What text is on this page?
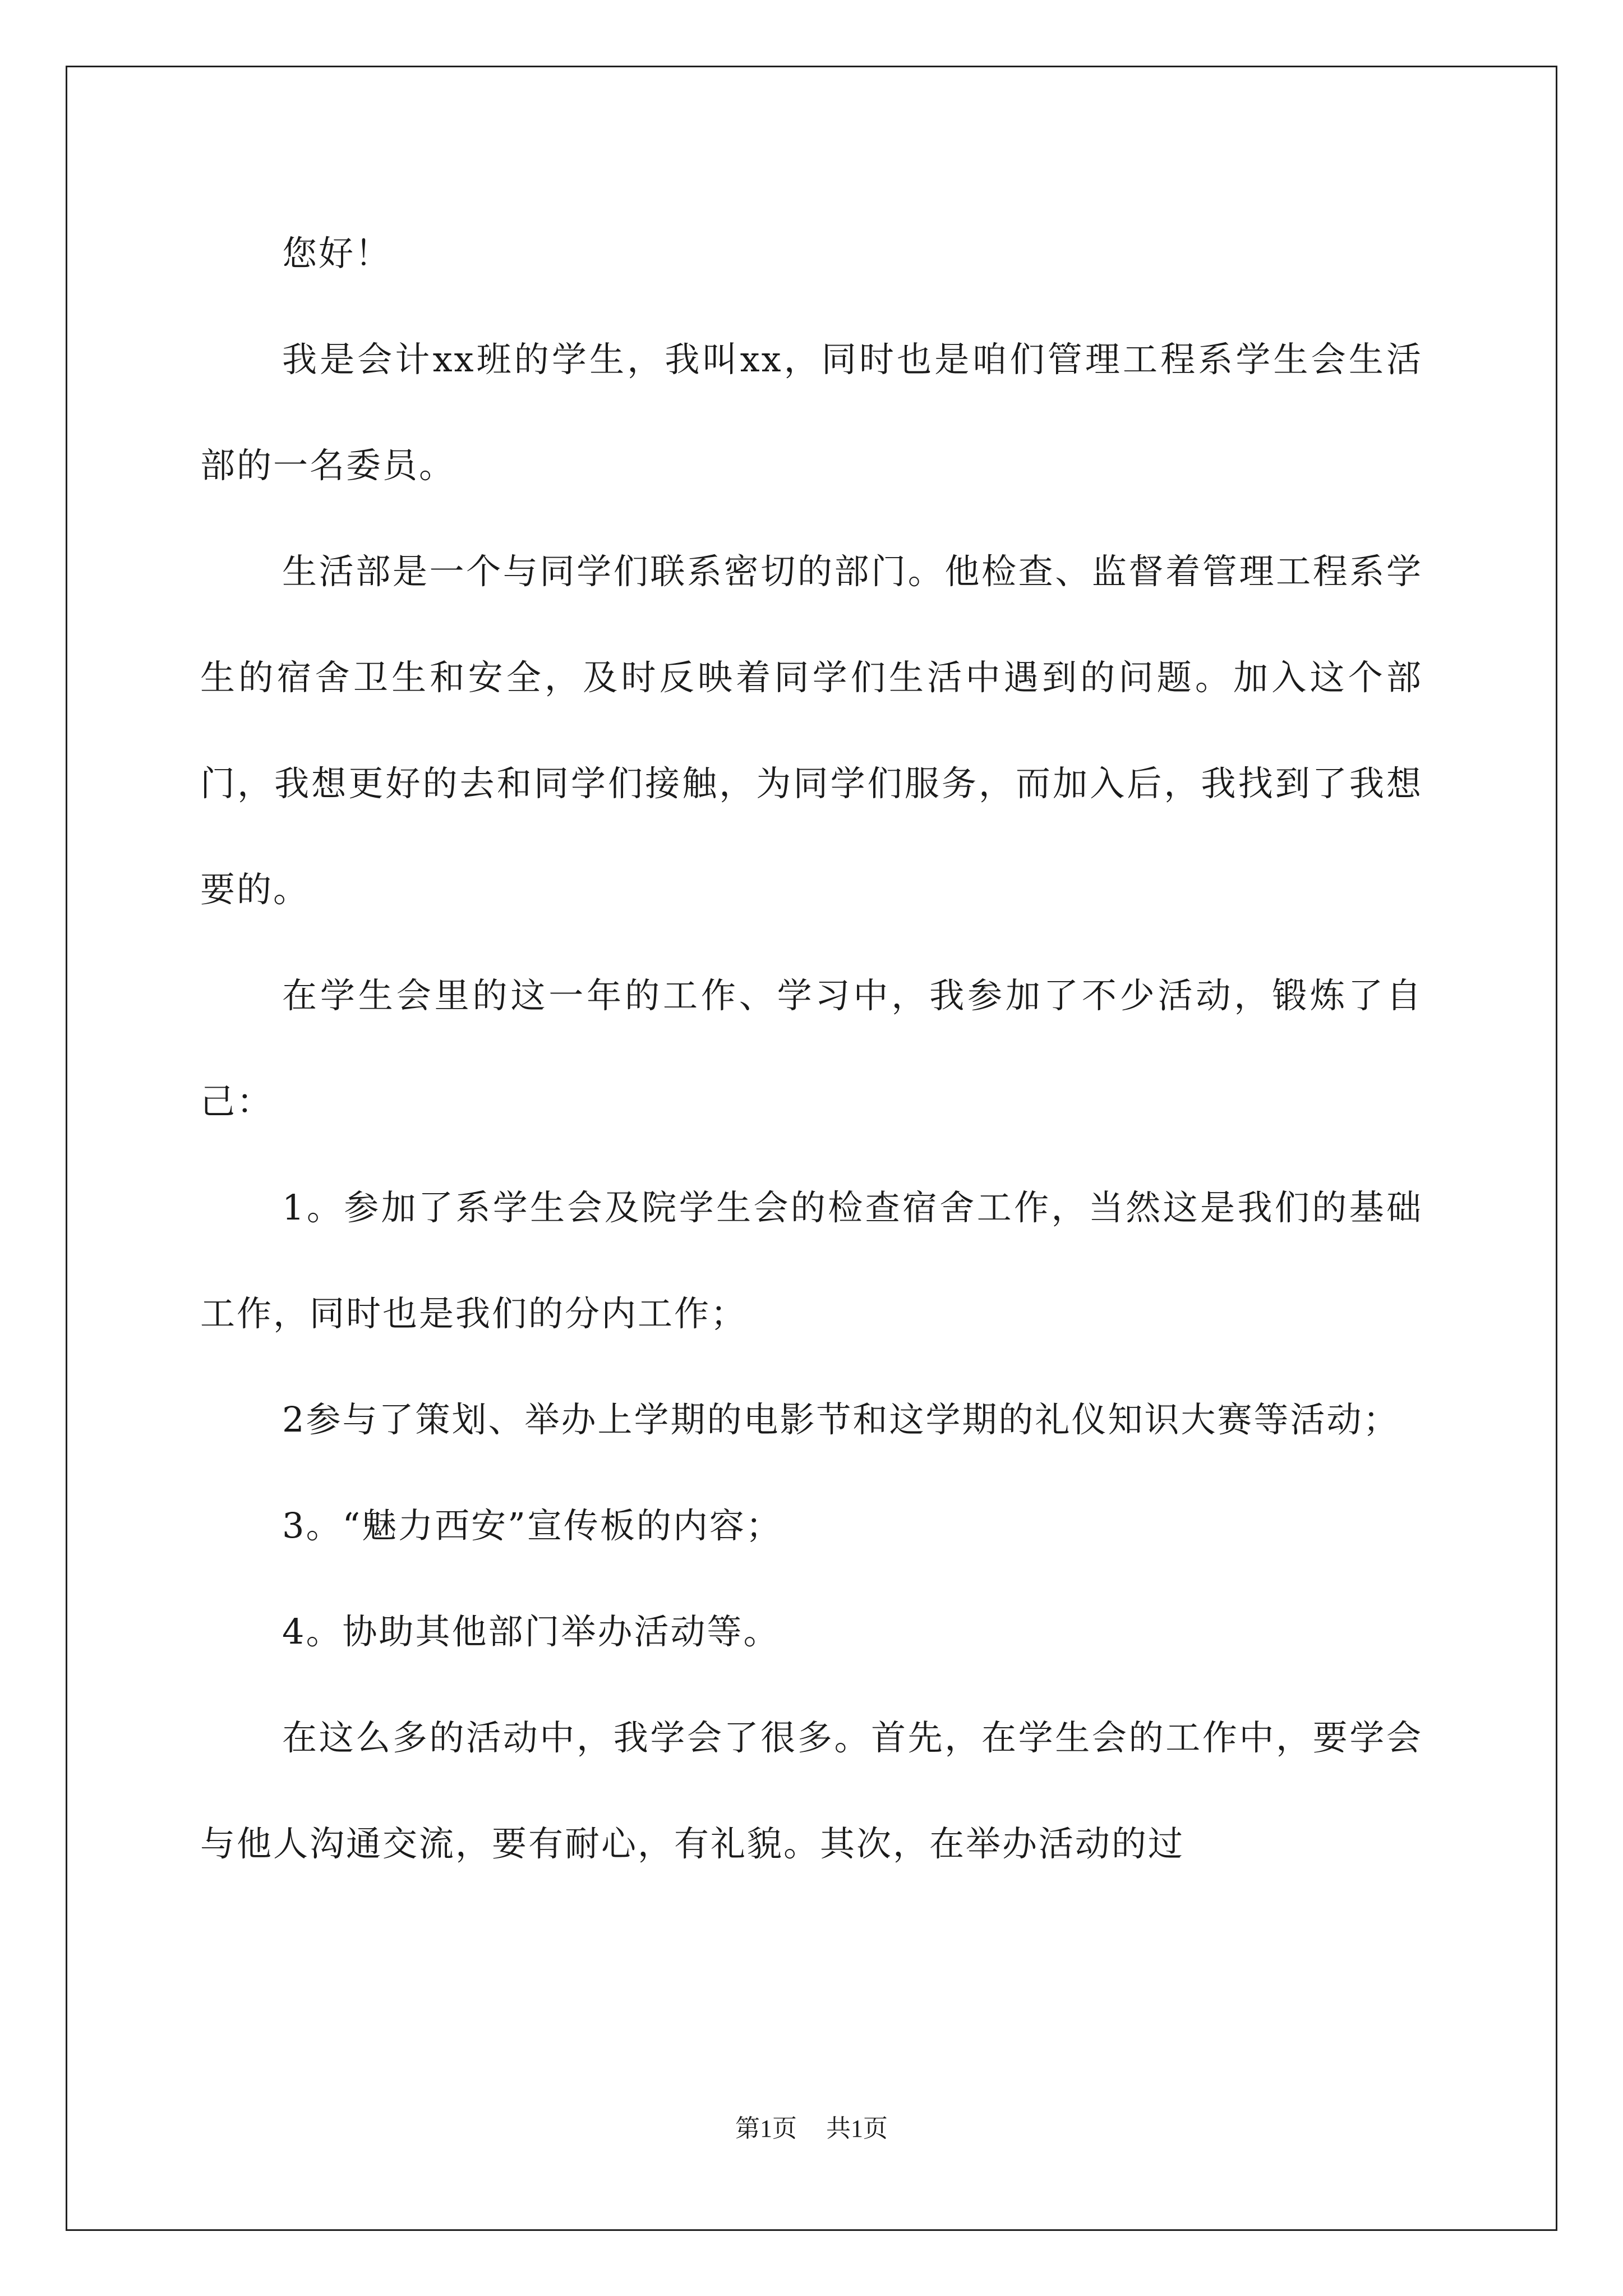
您好！

我是会计xx班的学生，我叫xx，同时也是咱们管理工程系学生会生活部的一名委员。

生活部是一个与同学们联系密切的部门。他检查、监督着管理工程系学生的宿舍卫生和安全，及时反映着同学们生活中遇到的问题。加入这个部门，我想更好的去和同学们接触，为同学们服务，而加入后，我找到了我想要的。

在学生会里的这一年的工作、学习中，我参加了不少活动，锻炼了自己：

1。参加了系学生会及院学生会的检查宿舍工作，当然这是我们的基础工作，同时也是我们的分内工作；

2参与了策划、举办上学期的电影节和这学期的礼仪知识大赛等活动；

3。“魅力西安”宣传板的内容；

4。协助其他部门举办活动等。

在这么多的活动中，我学会了很多。首先，在学生会的工作中，要学会与他人沟通交流，要有耐心，有礼貌。其次，在举办活动的过

第1页 共1页
